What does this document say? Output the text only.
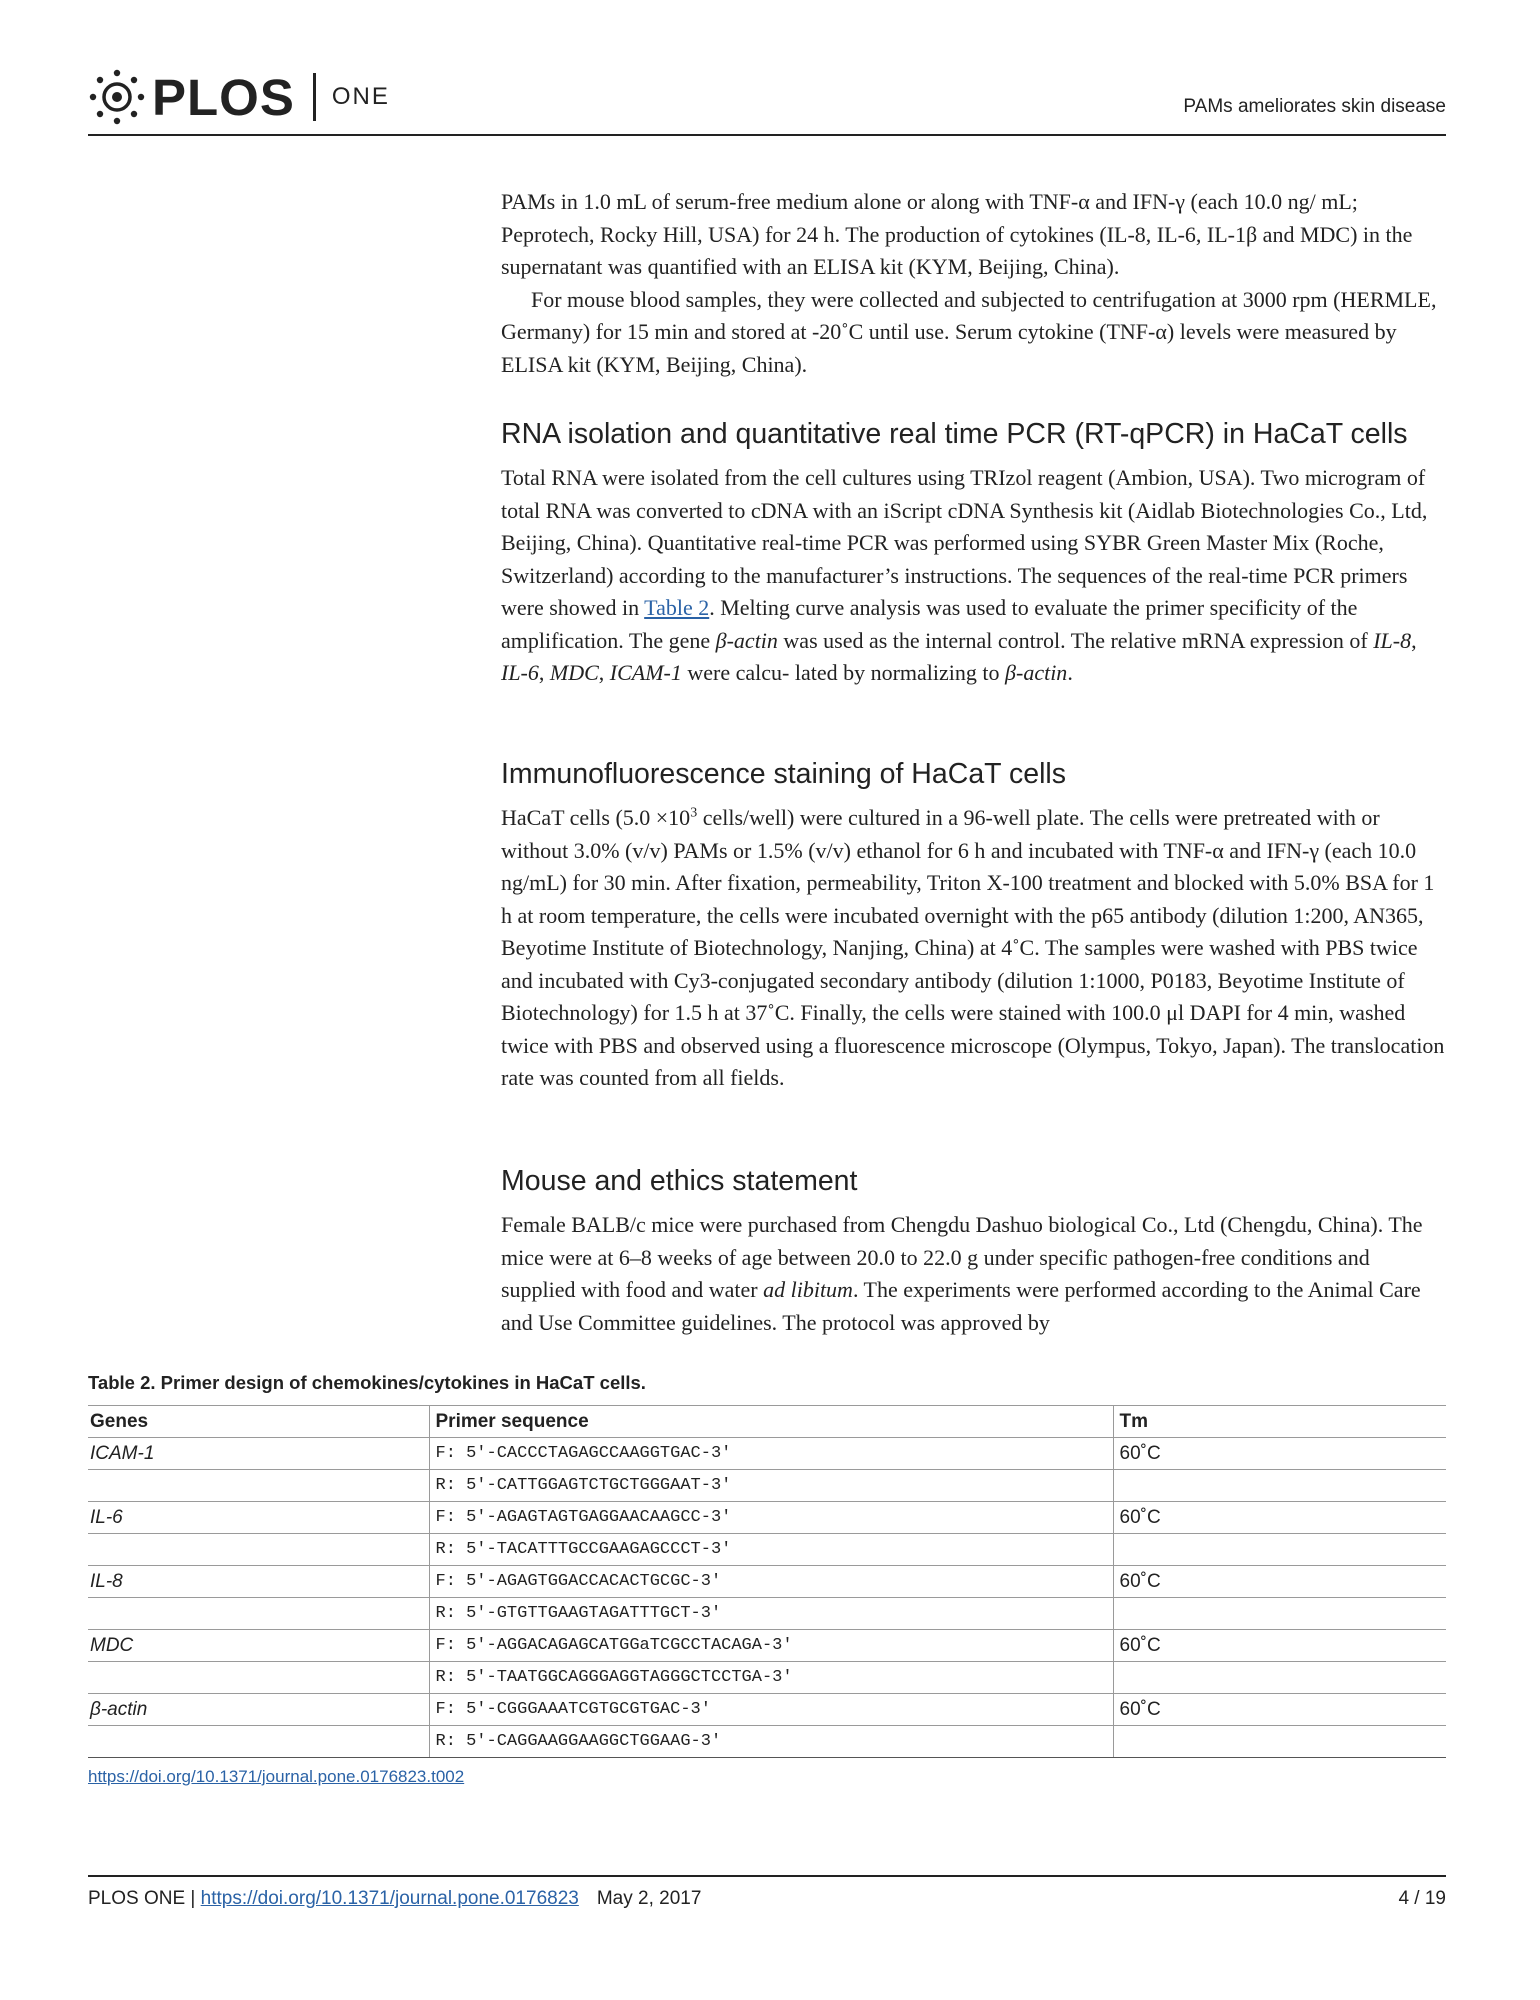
PLOS ONE	PAMs ameliorates skin disease

PAMs in 1.0 mL of serum-free medium alone or along with TNF-α and IFN-γ (each 10.0 ng/ mL; Peprotech, Rocky Hill, USA) for 24 h. The production of cytokines (IL-8, IL-6, IL-1β and MDC) in the supernatant was quantified with an ELISA kit (KYM, Beijing, China).

For mouse blood samples, they were collected and subjected to centrifugation at 3000 rpm (HERMLE, Germany) for 15 min and stored at -20˚C until use. Serum cytokine (TNF-α) levels were measured by ELISA kit (KYM, Beijing, China).

RNA isolation and quantitative real time PCR (RT-qPCR) in HaCaT cells

Total RNA were isolated from the cell cultures using TRIzol reagent (Ambion, USA). Two microgram of total RNA was converted to cDNA with an iScript cDNA Synthesis kit (Aidlab Biotechnologies Co., Ltd, Beijing, China). Quantitative real-time PCR was performed using SYBR Green Master Mix (Roche, Switzerland) according to the manufacturer’s instructions. The sequences of the real-time PCR primers were showed in Table 2. Melting curve analysis was used to evaluate the primer specificity of the amplification. The gene β-actin was used as the internal control. The relative mRNA expression of IL-8, IL-6, MDC, ICAM-1 were calcu- lated by normalizing to β-actin.

Immunofluorescence staining of HaCaT cells

HaCaT cells ($5.0 \times 10^3$ cells/well) were cultured in a 96-well plate. The cells were pretreated with or without 3.0% (v/v) PAMs or 1.5% (v/v) ethanol for 6 h and incubated with TNF-α and IFN-γ (each 10.0 ng/mL) for 30 min. After fixation, permeability, Triton X-100 treatment and blocked with 5.0% BSA for 1 h at room temperature, the cells were incubated overnight with the p65 antibody (dilution 1:200, AN365, Beyotime Institute of Biotechnology, Nanjing, China) at 4˚C. The samples were washed with PBS twice and incubated with Cy3-conjugated secondary antibody (dilution 1:1000, P0183, Beyotime Institute of Biotechnology) for 1.5 h at 37˚C. Finally, the cells were stained with 100.0 μl DAPI for 4 min, washed twice with PBS and observed using a fluorescence microscope (Olympus, Tokyo, Japan). The translocation rate was counted from all fields.

Mouse and ethics statement

Female BALB/c mice were purchased from Chengdu Dashuo biological Co., Ltd (Chengdu, China). The mice were at 6–8 weeks of age between 20.0 to 22.0 g under specific pathogen-free conditions and supplied with food and water ad libitum. The experiments were performed according to the Animal Care and Use Committee guidelines. The protocol was approved by

Table 2. Primer design of chemokines/cytokines in HaCaT cells.
Genes	Primer sequence	Tm
ICAM-1	F: 5′-CACCCTAGAGCCAAGGTGAC-3′	60˚C
	R: 5′-CATTGGAGTCTGCTGGGAAT-3′	
IL-6	F: 5′-AGAGTAGTGAGGAACAAGCC-3′	60˚C
	R: 5′-TACATTTGCCGAAGAGCCCT-3′	
IL-8	F: 5′-AGAGTGGACCACACTGCGC-3′	60˚C
	R: 5′-GTGTTGAAGTAGATTTGCT-3′	
MDC	F: 5′-AGGACAGAGCATGGaTCGCCTACAGA-3′	60˚C
	R: 5′-TAATGGCAGGGAGGTAGGGCTCCTGA-3′	
β-actin	F: 5′-CGGGAAATCGTGCGTGAC-3′	60˚C
	R: 5′-CAGGAAGGAAGGCTGGAAG-3′	
https://doi.org/10.1371/journal.pone.0176823.t002
PLOS ONE | https://doi.org/10.1371/journal.pone.0176823 May 2, 2017	4 / 19
